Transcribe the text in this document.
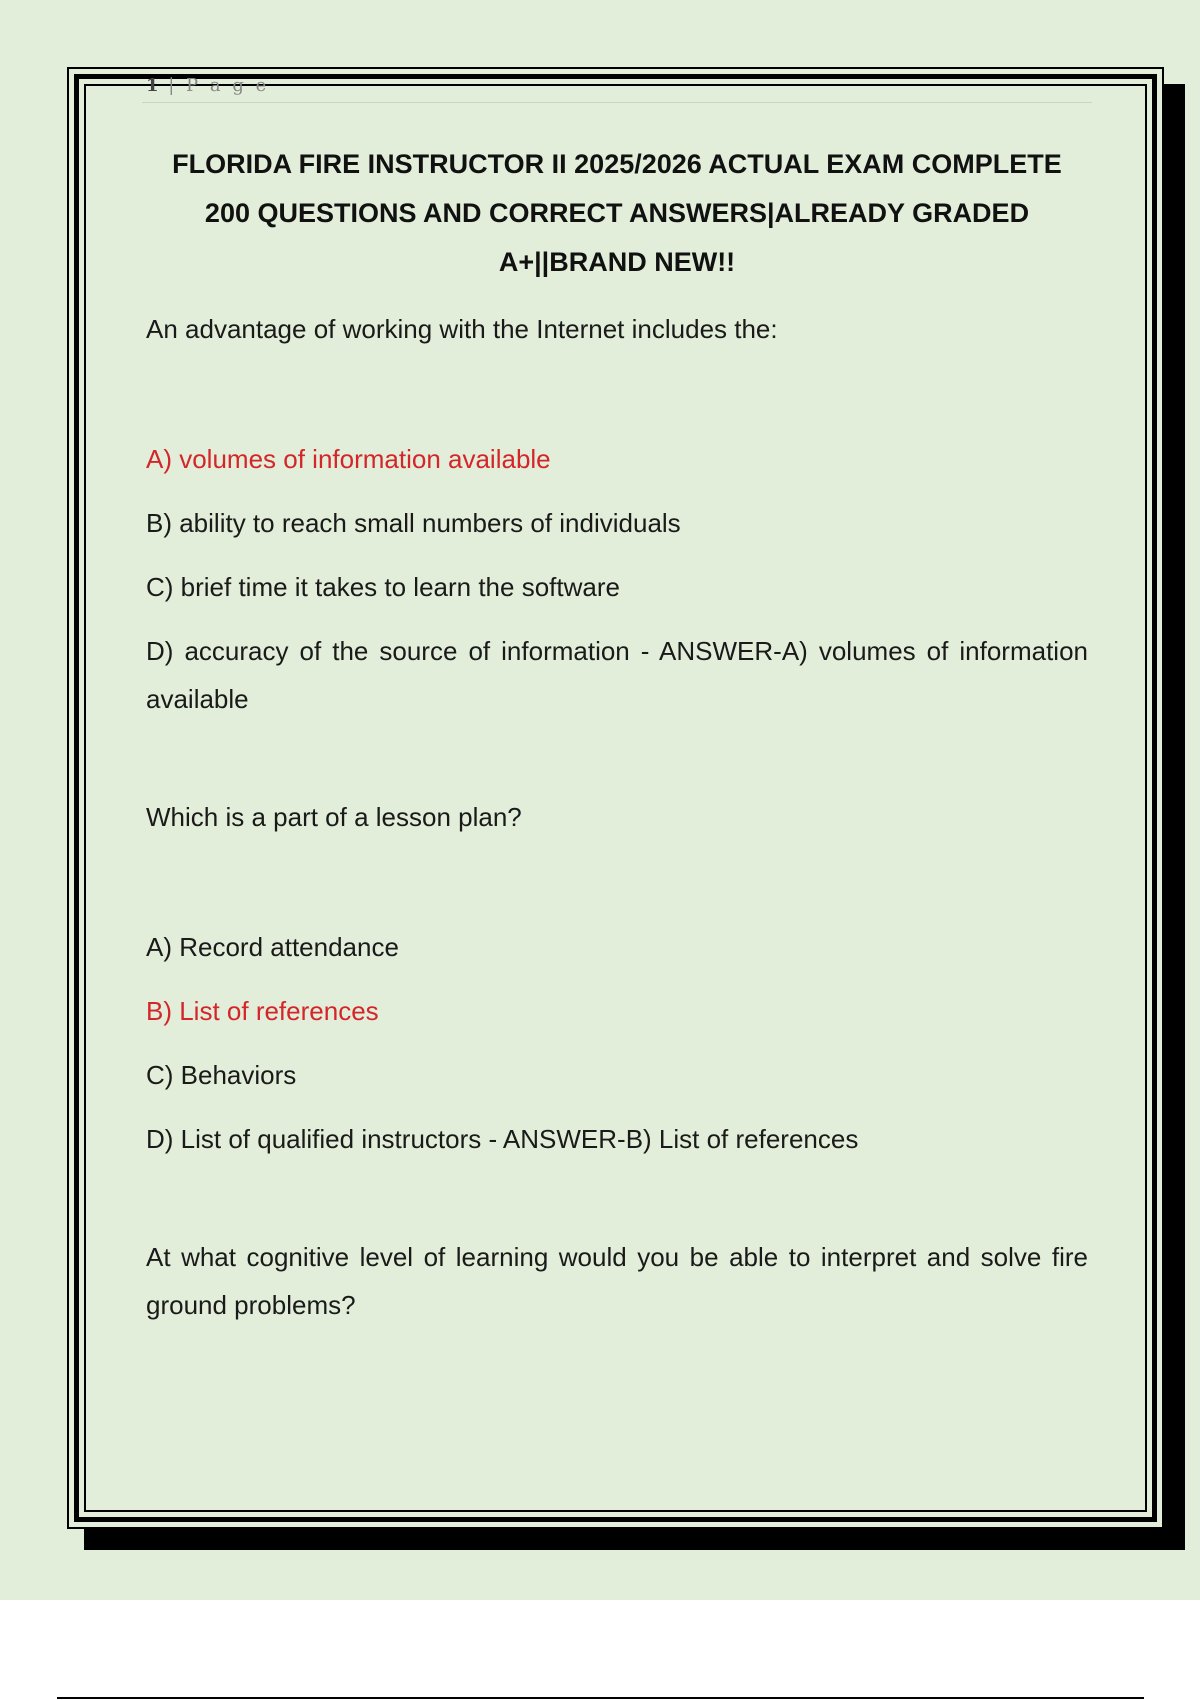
1 | P a g e
FLORIDA FIRE INSTRUCTOR II 2025/2026 ACTUAL EXAM COMPLETE
200 QUESTIONS AND CORRECT ANSWERS|ALREADY GRADED
A+||BRAND NEW!!

An advantage of working with the Internet includes the:

A) volumes of information available

B) ability to reach small numbers of individuals

C) brief time it takes to learn the software

D) accuracy of the source of information - ANSWER-A) volumes of information available

Which is a part of a lesson plan?

A) Record attendance

B) List of references

C) Behaviors

D) List of qualified instructors - ANSWER-B) List of references

At what cognitive level of learning would you be able to interpret and solve fire ground problems?
